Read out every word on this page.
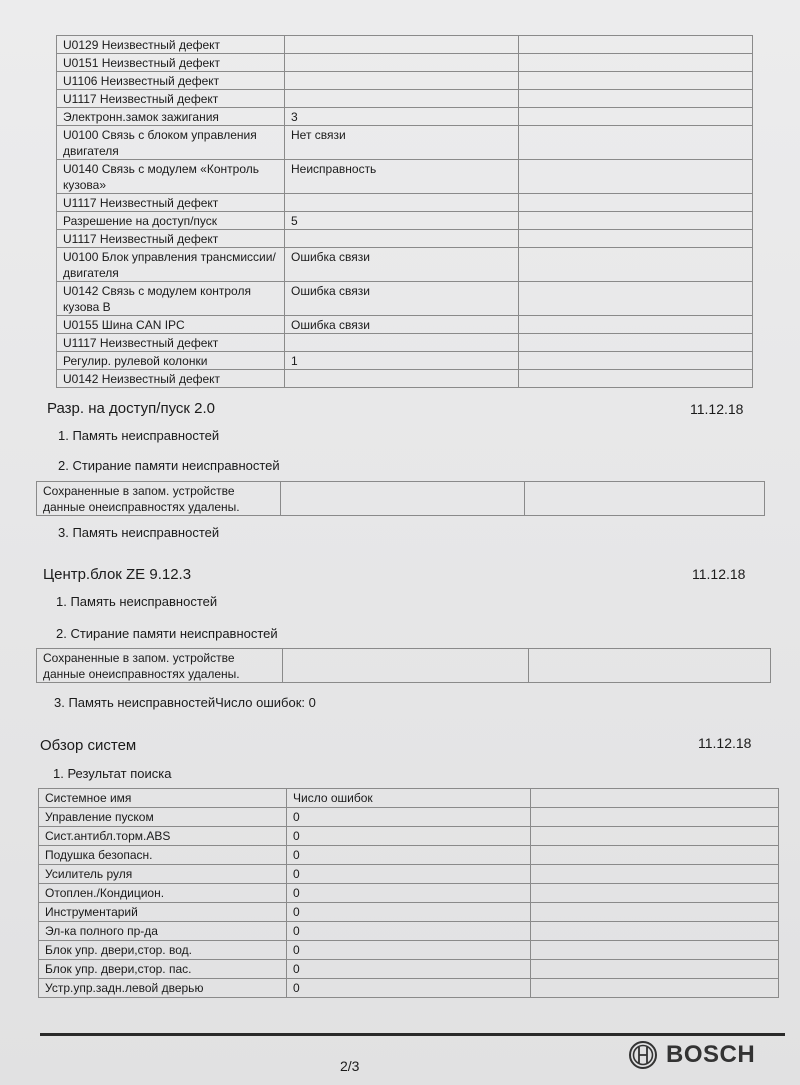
U0129 Неизвестный дефект		
U0151 Неизвестный дефект		
U1106 Неизвестный дефект		
U1117 Неизвестный дефект		
Электронн.замок зажигания	3	
U0100 Связь с блоком управления двигателя	Нет связи	
U0140 Связь с модулем «Контроль кузова»	Неисправность	
U1117 Неизвестный дефект		
Разрешение на доступ/пуск	5	
U1117 Неизвестный дефект		
U0100 Блок управления трансмиссии/ двигателя	Ошибка связи	
U0142 Связь с модулем контроля кузова B	Ошибка связи	
U0155 Шина CAN IPC	Ошибка связи	
U1117 Неизвестный дефект		
Регулир. рулевой колонки	1	
U0142 Неизвестный дефект		
Разр. на доступ/пуск 2.0	11.12.18
1. Память неисправностей
2. Стирание памяти неисправностей
Сохраненные в запом. устройстве данные онеисправностях удалены.		
3. Память неисправностей
Центр.блок ZE 9.12.3	11.12.18
1. Память неисправностей
2. Стирание памяти неисправностей
Сохраненные в запом. устройстве данные онеисправностях удалены.		
3. Память неисправностейЧисло ошибок: 0
Обзор систем	11.12.18
1. Результат поиска
Системное имя	Число ошибок	
Управление пуском	0	
Сист.антибл.торм.ABS	0	
Подушка безопасн.	0	
Усилитель руля	0	
Отоплен./Кондицион.	0	
Инструментарий	0	
Эл-ка полного пр-да	0	
Блок упр. двери,стор. вод.	0	
Блок упр. двери,стор. пас.	0	
Устр.упр.задн.левой дверью	0	
2/3	BOSCH
